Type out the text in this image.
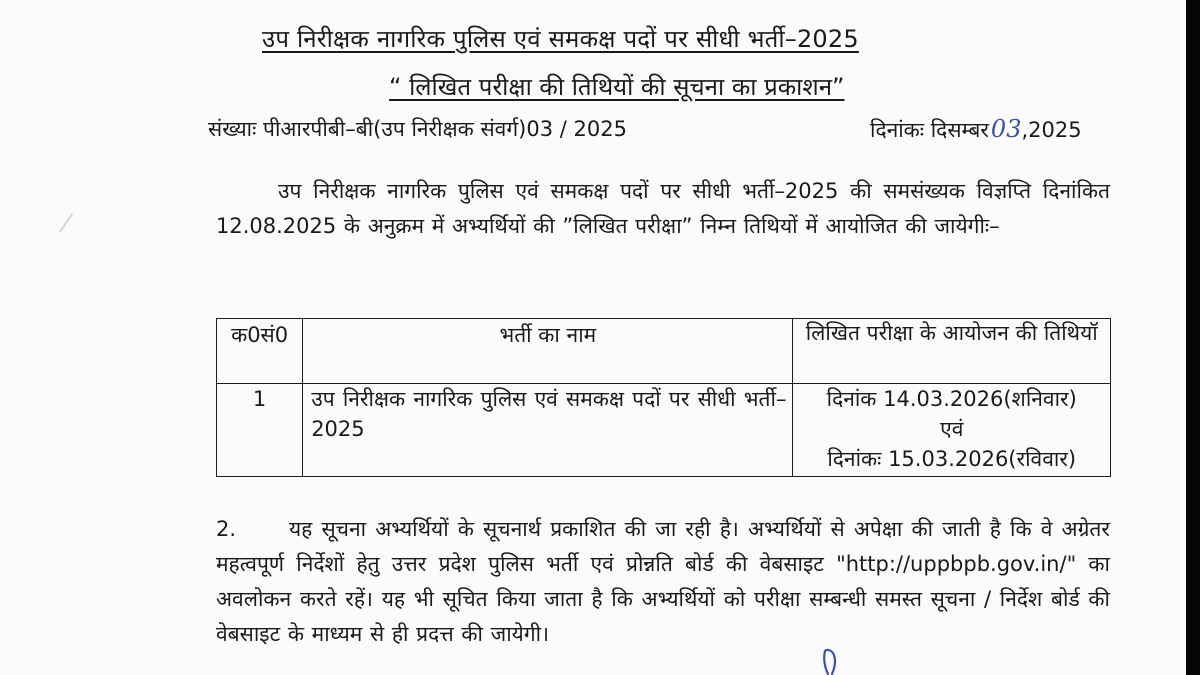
उप निरीक्षक नागरिक पुलिस एवं समकक्ष पदों पर सीधी भर्ती–2025
“ लिखित परीक्षा की तिथियों की सूचना का प्रकाशन”
संख्याः पीआरपीबी–बी(उप निरीक्षक संवर्ग)03 / 2025	दिनांकः दिसम्बर03,2025
उप निरीक्षक नागरिक पुलिस एवं समकक्ष पदों पर सीधी भर्ती–2025 की समसंख्यक विज्ञप्ति दिनांकित 12.08.2025 के अनुक्रम में अभ्यर्थियों की ”लिखित परीक्षा” निम्न तिथियों में आयोजित की जायेगीः–
क0सं0	भर्ती का नाम	लिखित परीक्षा के आयोजन की तिथियॉ
1	उप निरीक्षक नागरिक पुलिस एवं समकक्ष पदों पर सीधी भर्ती–2025	दिनांक 14.03.2026(शनिवार)
एवं
दिनांकः 15.03.2026(रविवार)
2.	यह सूचना अभ्यर्थियों के सूचनार्थ प्रकाशित की जा रही है। अभ्यर्थियों से अपेक्षा की जाती है कि वे अग्रेतर महत्वपूर्ण निर्देशों हेतु उत्तर प्रदेश पुलिस भर्ती एवं प्रोन्नति बोर्ड की वेबसाइट "http://uppbpb.gov.in/" का अवलोकन करते रहें। यह भी सूचित किया जाता है कि अभ्यर्थियों को परीक्षा सम्बन्धी समस्त सूचना / निर्देश बोर्ड की वेबसाइट के माध्यम से ही प्रदत्त की जायेगी।
